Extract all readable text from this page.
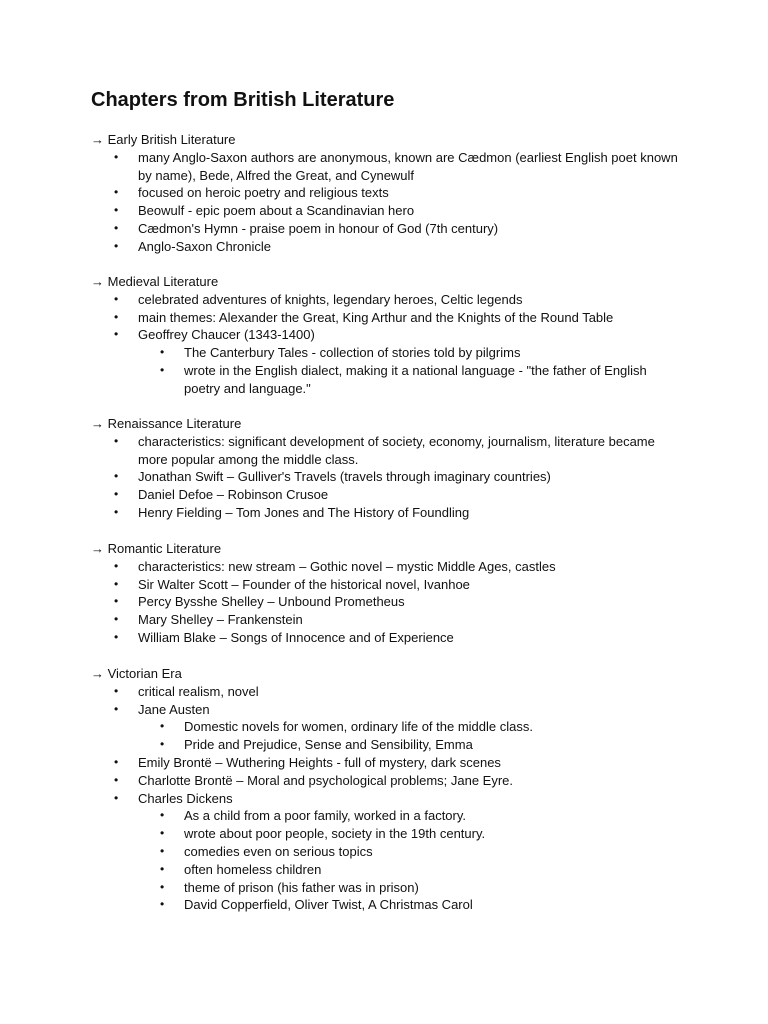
Chapters from British Literature
→ Early British Literature
• many Anglo-Saxon authors are anonymous, known are Cædmon (earliest English poet known by name), Bede, Alfred the Great, and Cynewulf
• focused on heroic poetry and religious texts
• Beowulf - epic poem about a Scandinavian hero
• Cædmon's Hymn - praise poem in honour of God (7th century)
• Anglo-Saxon Chronicle
→ Medieval Literature
• celebrated adventures of knights, legendary heroes, Celtic legends
• main themes: Alexander the Great, King Arthur and the Knights of the Round Table
• Geoffrey Chaucer (1343-1400)
• The Canterbury Tales - collection of stories told by pilgrims
• wrote in the English dialect, making it a national language - "the father of English poetry and language."
→ Renaissance Literature
• characteristics: significant development of society, economy, journalism, literature became more popular among the middle class.
• Jonathan Swift – Gulliver's Travels (travels through imaginary countries)
• Daniel Defoe – Robinson Crusoe
• Henry Fielding – Tom Jones and The History of Foundling
→ Romantic Literature
• characteristics: new stream – Gothic novel – mystic Middle Ages, castles
• Sir Walter Scott – Founder of the historical novel, Ivanhoe
• Percy Bysshe Shelley – Unbound Prometheus
• Mary Shelley – Frankenstein
• William Blake – Songs of Innocence and of Experience
→ Victorian Era
• critical realism, novel
• Jane Austen
• Domestic novels for women, ordinary life of the middle class.
• Pride and Prejudice, Sense and Sensibility, Emma
• Emily Brontë – Wuthering Heights - full of mystery, dark scenes
• Charlotte Brontë – Moral and psychological problems; Jane Eyre.
• Charles Dickens
• As a child from a poor family, worked in a factory.
• wrote about poor people, society in the 19th century.
• comedies even on serious topics
• often homeless children
• theme of prison (his father was in prison)
• David Copperfield, Oliver Twist, A Christmas Carol
